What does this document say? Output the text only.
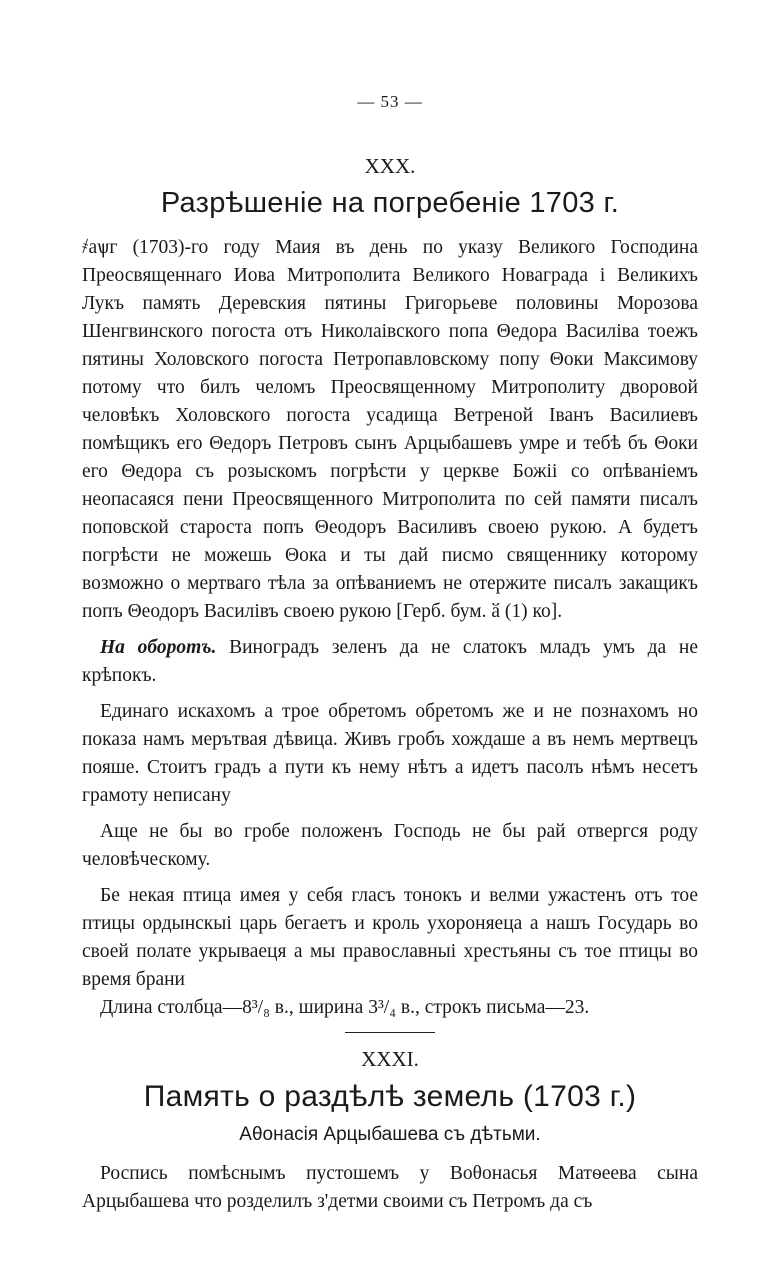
— 53 —
XXX.
Разрѣшеніе на погребеніе 1703 г.

҂аѱг (1703)-го году Маия въ день по указу Великого Господина Преосвященнаго Иова Митрополита Великого Новаграда і Великихъ Лукъ память Деревския пятины Григорьеве половины Морозова Шенгвинского погоста отъ Николаівского попа Θедора Василіва тоежъ пятины Холовского погоста Петропавловскому попу Θоки Максимову потому что билъ челомъ Преосвященному Митрополиту дворовой человѣкъ Холовского погоста усадища Ветреной Іванъ Василиевъ помѣщикъ его Θедоръ Петровъ сынъ Арцыбашевъ умре и тебѣ бъ Θоки его Θедора съ розыскомъ погрѣсти у церкве Божіі со опѣваніемъ неопасаяся пени Преосвященного Митрополита по сей памяти писалъ поповской староста попъ Θеодоръ Василивъ своею рукою. А будетъ погрѣсти не можешь Θока и ты дай писмо священнику которому возможно о мертваго тѣла за опѣваниемъ не отержите писалъ закащикъ попъ Θеодоръ Василівъ своею рукою [Герб. бум. ӑ (1) ко].

На оборотъ. Виноградъ зеленъ да не слатокъ младъ умъ да не крѣпокъ.

Единаго искахомъ а трое обретомъ обретомъ же и не познахомъ но показа намъ мерътвая дѣвица. Живъ гробъ хождаше а въ немъ мертвецъ пояше. Стоитъ градъ а пути къ нему нѣтъ а идетъ пасолъ нѣмъ несетъ грамоту неписану

Аще не бы во гробе положенъ Господь не бы рай отвергся роду человѣческому.

Бе некая птица имея у себя гласъ тонокъ и велми ужастенъ отъ тое птицы ордынскыі царь бегаетъ и кроль ухороняеца а нашъ Государь во своей полате укрываеця а мы православныі хрестьяны съ тое птицы во время брани

Длина столбца—8³/₈ в., ширина 3³/₄ в., строкъ письма—23.

XXXI.
Память о раздѣлѣ земель (1703 г.)
Аθонасія Арцыбашева съ дѣтьми.

Роспись помѣснымъ пустошемъ у Воθонасья Матѳеева сына Арцыбашева что розделилъ з'детми своими съ Петромъ да съ
